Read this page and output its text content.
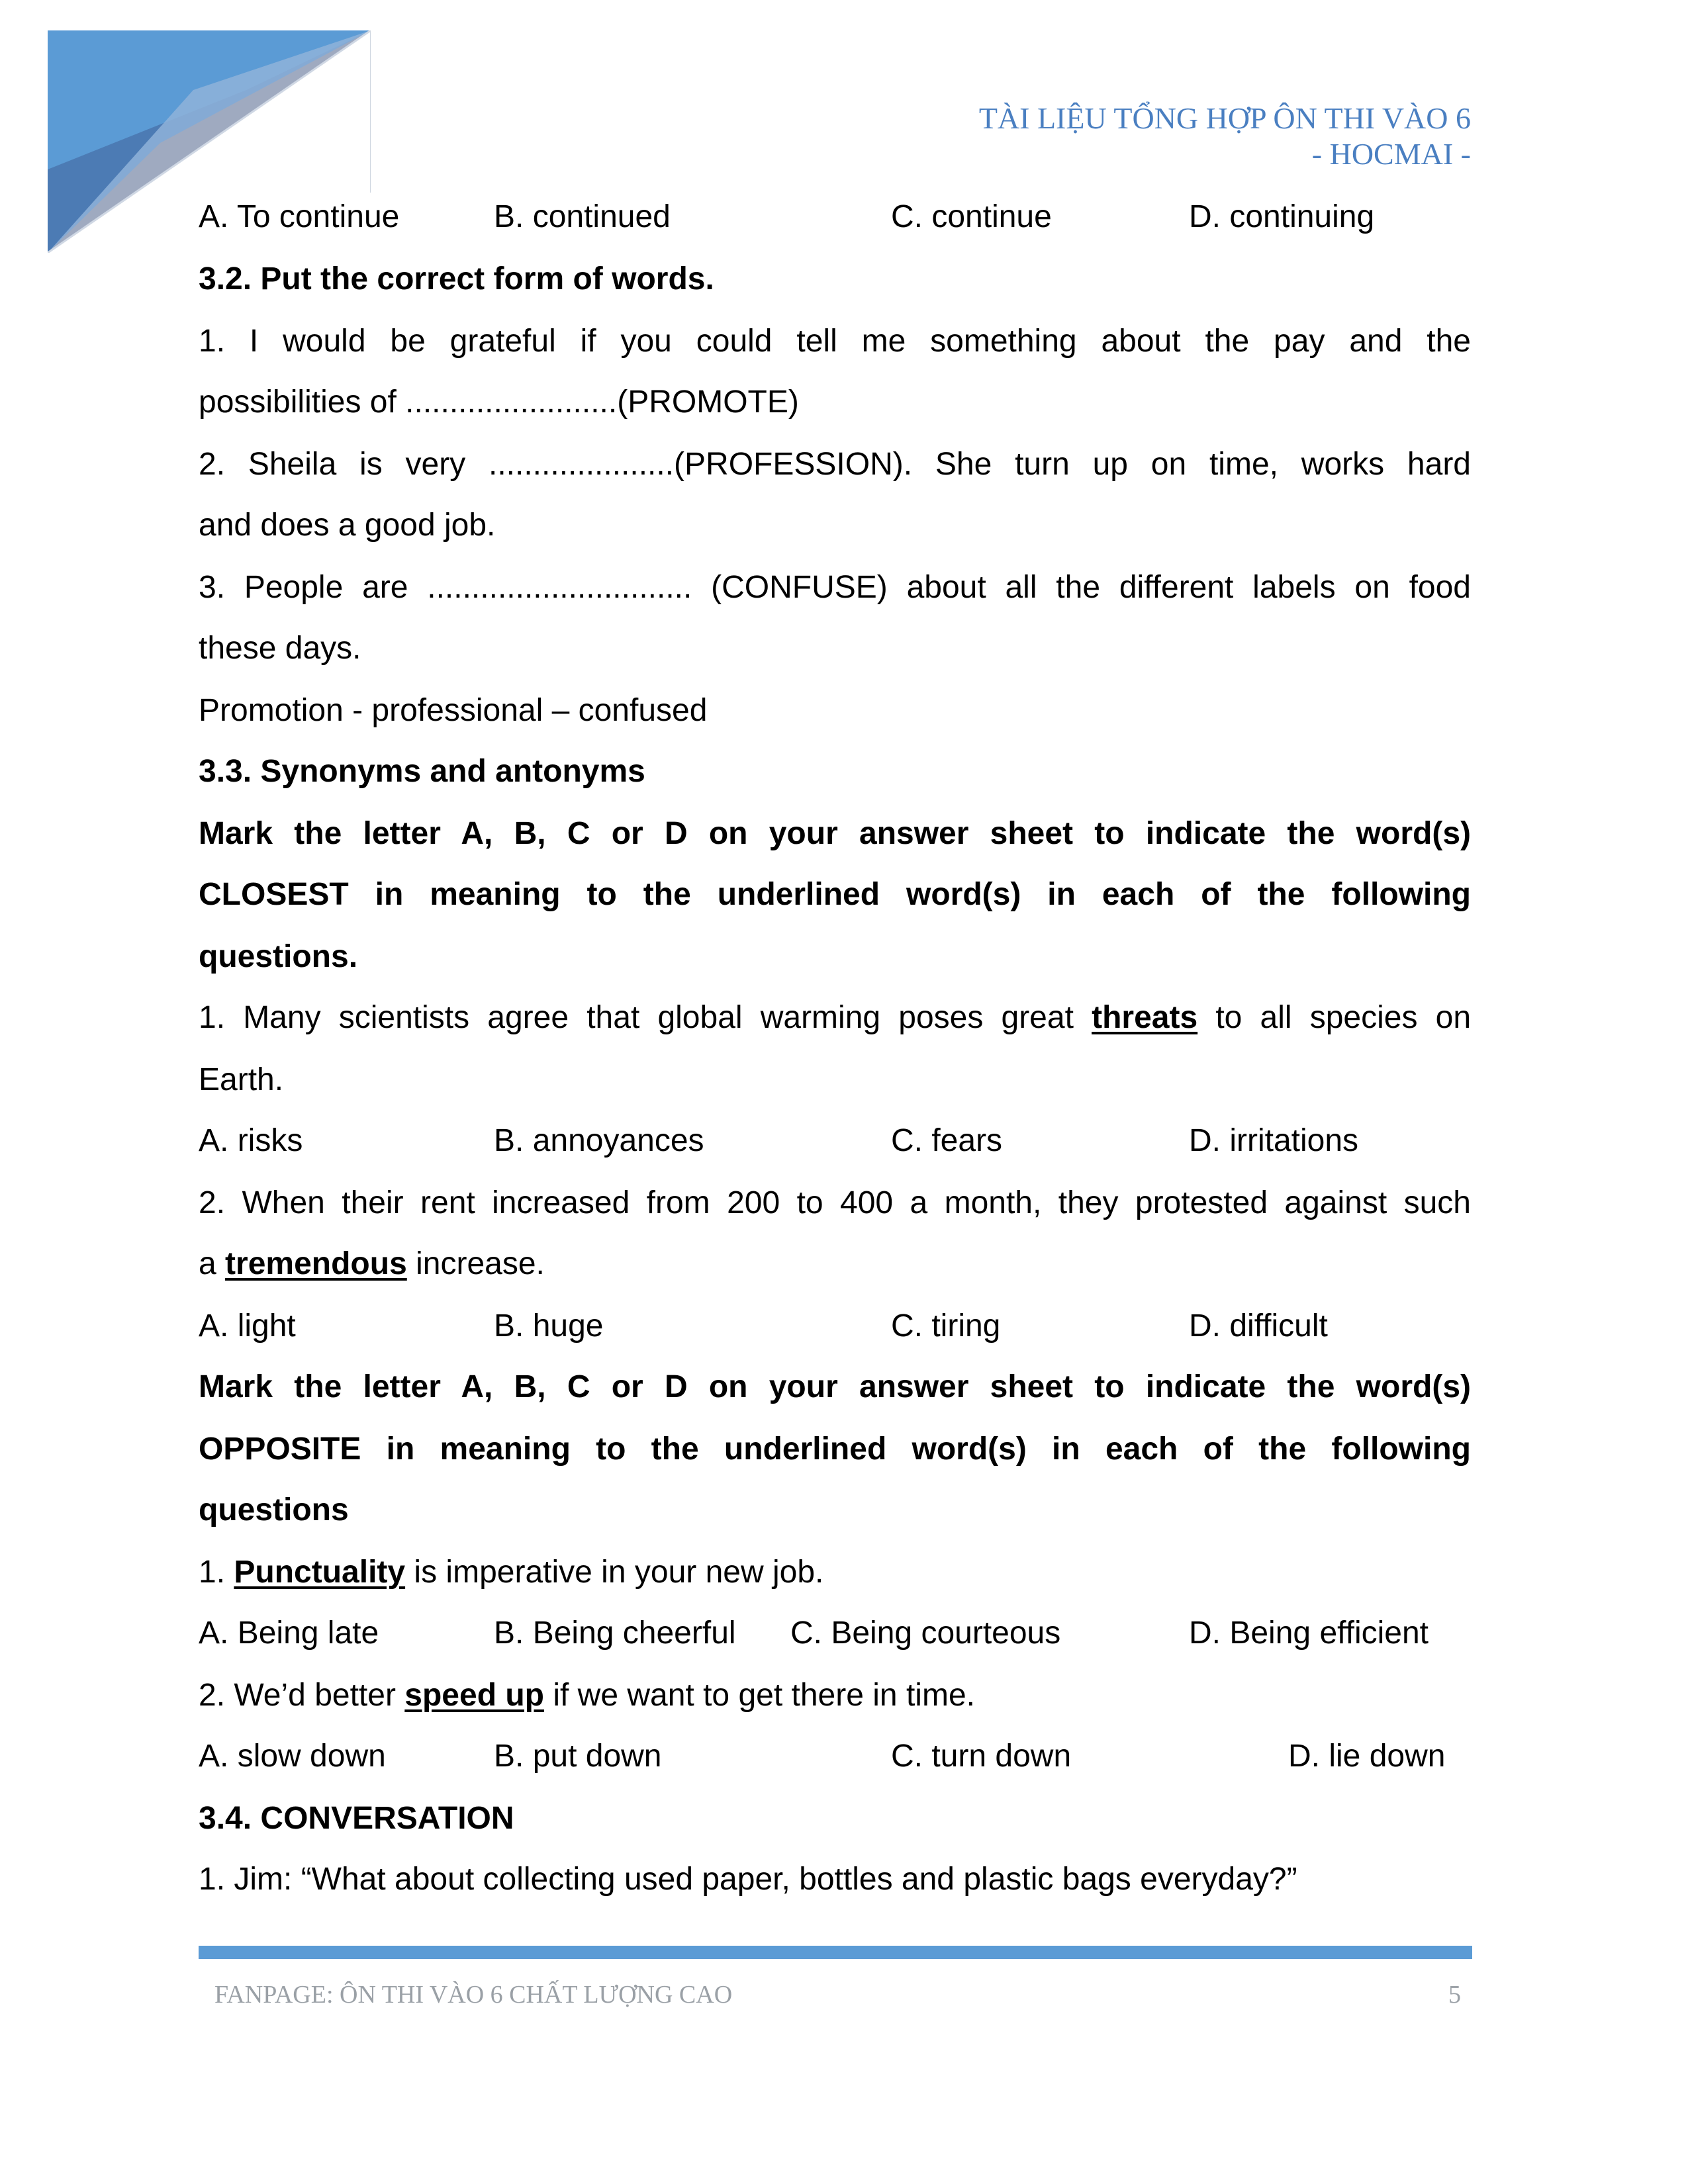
TÀI LIỆU TỔNG HỢP ÔN THI VÀO 6
- HOCMAI -
A. To continue	B. continued	C. continue	D. continuing
3.2. Put the correct form of words.
1. I would be grateful if you could tell me something about the pay and the
possibilities of ........................(PROMOTE)
2. Sheila is very .....................(PROFESSION). She turn up on time, works hard
and does a good job.
3. People are .............................. (CONFUSE) about all the different labels on food
these days.
Promotion - professional – confused
3.3. Synonyms and antonyms
Mark the letter A, B, C or D on your answer sheet to indicate the word(s)
CLOSEST in meaning to the underlined word(s) in each of the following
questions.
1. Many scientists agree that global warming poses great threats to all species on
Earth.
A. risks	B. annoyances	C. fears	D. irritations
2. When their rent increased from 200 to 400 a month, they protested against such
a tremendous increase.
A. light	B. huge	C. tiring	D. difficult
Mark the letter A, B, C or D on your answer sheet to indicate the word(s)
OPPOSITE in meaning to the underlined word(s) in each of the following
questions
1. Punctuality is imperative in your new job.
A. Being late	B. Being cheerful C. Being courteous	D. Being efficient
2. We’d better speed up if we want to get there in time.
A. slow down	B. put down	C. turn down	D. lie down
3.4. CONVERSATION
1. Jim: “What about collecting used paper, bottles and plastic bags everyday?”
FANPAGE: ÔN THI VÀO 6 CHẤT LƯỢNG CAO	5
